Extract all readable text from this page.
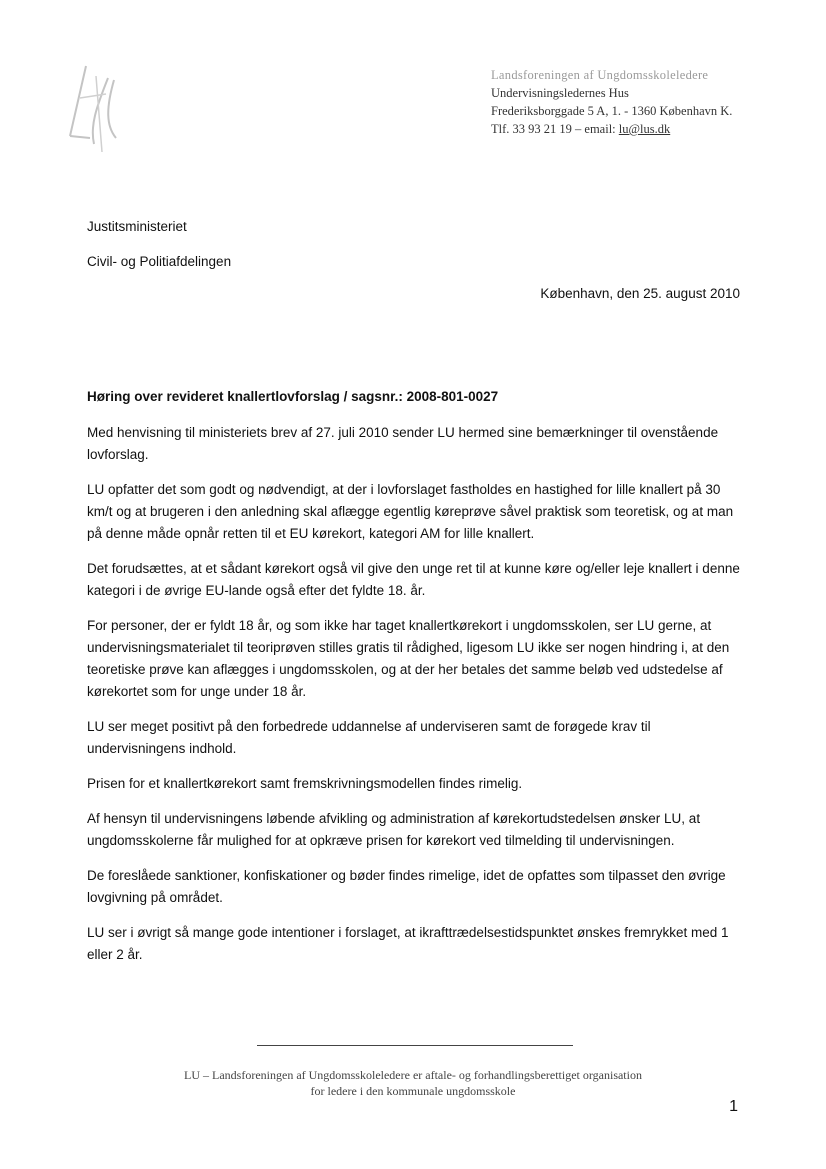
Landsforeningen af Ungdomsskoleledere
Undervisningsledernes Hus
Frederiksborggade 5 A, 1. - 1360 København K.
Tlf. 33 93 21 19 – email: lu@lus.dk
Justitsministeriet
Civil- og Politiafdelingen
København, den 25. august 2010
Høring over revideret knallertlovforslag / sagsnr.: 2008-801-0027

Med henvisning til ministeriets brev af 27. juli 2010 sender LU hermed sine bemærkninger til ovenstående lovforslag.

LU opfatter det som godt og nødvendigt, at der i lovforslaget fastholdes en hastighed for lille knallert på 30 km/t og at brugeren i den anledning skal aflægge egentlig køreprøve såvel praktisk som teoretisk, og at man på denne måde opnår retten til et EU kørekort, kategori AM for lille knallert.

Det forudsættes, at et sådant kørekort også vil give den unge ret til at kunne køre og/eller leje knallert i denne kategori i de øvrige EU-lande også efter det fyldte 18. år.

For personer, der er fyldt 18 år, og som ikke har taget knallertkørekort i ungdomsskolen, ser LU gerne, at undervisningsmaterialet til teoriprøven stilles gratis til rådighed, ligesom LU ikke ser nogen hindring i, at den teoretiske prøve kan aflægges i ungdomsskolen, og at der her betales det samme beløb ved udstedelse af kørekortet som for unge under 18 år.

LU ser meget positivt på den forbedrede uddannelse af underviseren samt de forøgede krav til undervisningens indhold.

Prisen for et knallertkørekort samt fremskrivningsmodellen findes rimelig.

Af hensyn til undervisningens løbende afvikling og administration af kørekortudstedelsen ønsker LU, at ungdomsskolerne får mulighed for at opkræve prisen for kørekort ved tilmelding til undervisningen.

De foreslåede sanktioner, konfiskationer og bøder findes rimelige, idet de opfattes som tilpasset den øvrige lovgivning på området.

LU ser i øvrigt så mange gode intentioner i forslaget, at ikrafttrædelsestidspunktet ønskes fremrykket med 1 eller 2 år.

LU – Landsforeningen af Ungdomsskoleledere er aftale- og forhandlingsberettiget organisation
for ledere i den kommunale ungdomsskole
1
